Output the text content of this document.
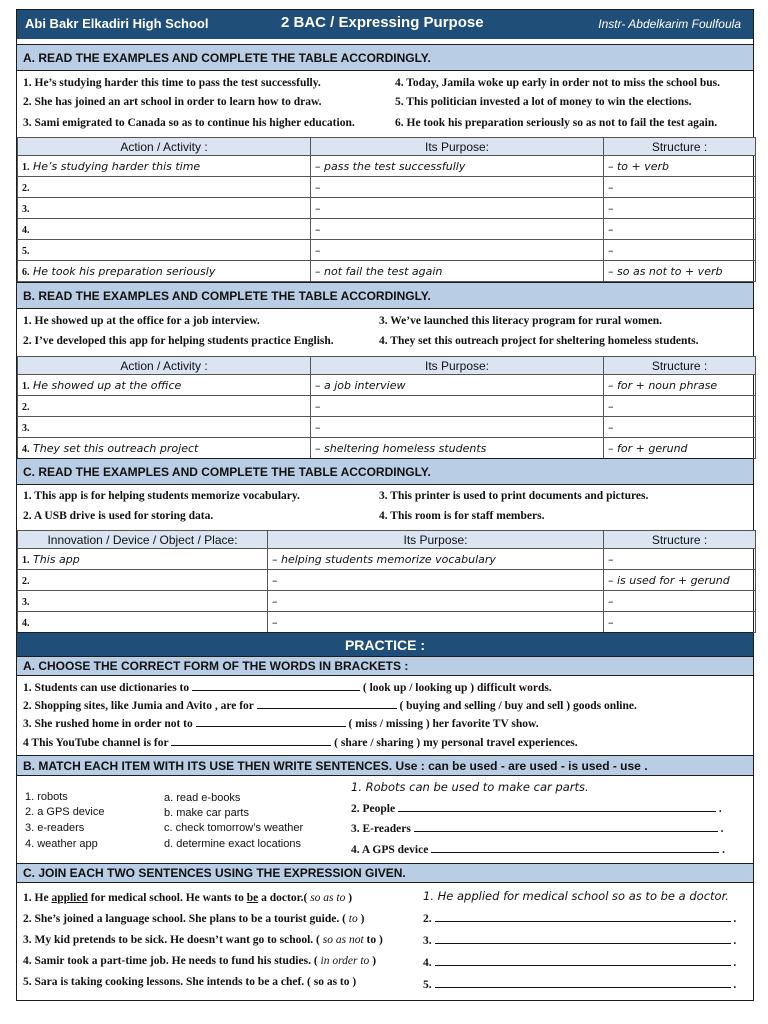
Abi Bakr Elkadiri High School	2 BAC / Expressing Purpose	Instr- Abdelkarim Foulfoula
A. READ THE EXAMPLES AND COMPLETE THE TABLE ACCORDINGLY.
1. He’s studying harder this time to pass the test successfully.
2. She has joined an art school in order to learn how to draw.
3. Sami emigrated to Canada so as to continue his higher education.
4. Today, Jamila woke up early in order not to miss the school bus.
5. This politician invested a lot of money to win the elections.
6. He took his preparation seriously so as not to fail the test again.
Action / Activity :	Its Purpose:	Structure :
1. He’s studying harder this time	– pass the test successfully	– to + verb
2.	–	–
3.	–	–
4.	–	–
5.	–	–
6. He took his preparation seriously	– not fail the test again	– so as not to + verb
B. READ THE EXAMPLES AND COMPLETE THE TABLE ACCORDINGLY.
1. He showed up at the office for a job interview.
2. I’ve developed this app for helping students practice English.
3. We’ve launched this literacy program for rural women.
4. They set this outreach project for sheltering homeless students.
Action / Activity :	Its Purpose:	Structure :
1. He showed up at the office	– a job interview	– for + noun phrase
2.	–	–
3.	–	–
4. They set this outreach project	– sheltering homeless students	– for + gerund
C. READ THE EXAMPLES AND COMPLETE THE TABLE ACCORDINGLY.
1. This app is for helping students memorize vocabulary.
2. A USB drive is used for storing data.
3. This printer is used to print documents and pictures.
4. This room is for staff members.
Innovation / Device / Object / Place:	Its Purpose:	Structure :
1. This app	– helping students memorize vocabulary	–
2.	–	– is used for + gerund
3.	–	–
4.	–	–
PRACTICE :
A. CHOOSE THE CORRECT FORM OF THE WORDS IN BRACKETS :
1. Students can use dictionaries to	( look up / looking up ) difficult words.
2. Shopping sites, like Jumia and Avito , are for	( buying and selling / buy and sell ) goods online.
3. She rushed home in order not to	( miss / missing ) her favorite TV show.
4 This YouTube channel is for	( share / sharing ) my personal travel experiences.
B. MATCH EACH ITEM WITH ITS USE THEN WRITE SENTENCES. Use : can be used - are used - is used - use .
1. robots
2. a GPS device
3. e-readers
4. weather app
a. read e-books
b. make car parts
c. check tomorrow’s weather
d. determine exact locations
1. Robots can be used to make car parts.
2. People	.
3. E-readers	.
4. A GPS device	.
C. JOIN EACH TWO SENTENCES USING THE EXPRESSION GIVEN.
1. He applied for medical school. He wants to be a doctor.( so as to )
2. She’s joined a language school. She plans to be a tourist guide. ( to )
3. My kid pretends to be sick. He doesn’t want go to school. ( so as not to )
4. Samir took a part-time job. He needs to fund his studies. ( in order to )
5. Sara is taking cooking lessons. She intends to be a chef. ( so as to )
1. He applied for medical school so as to be a doctor.
2.	.
3.	.
4.	.
5.	.
